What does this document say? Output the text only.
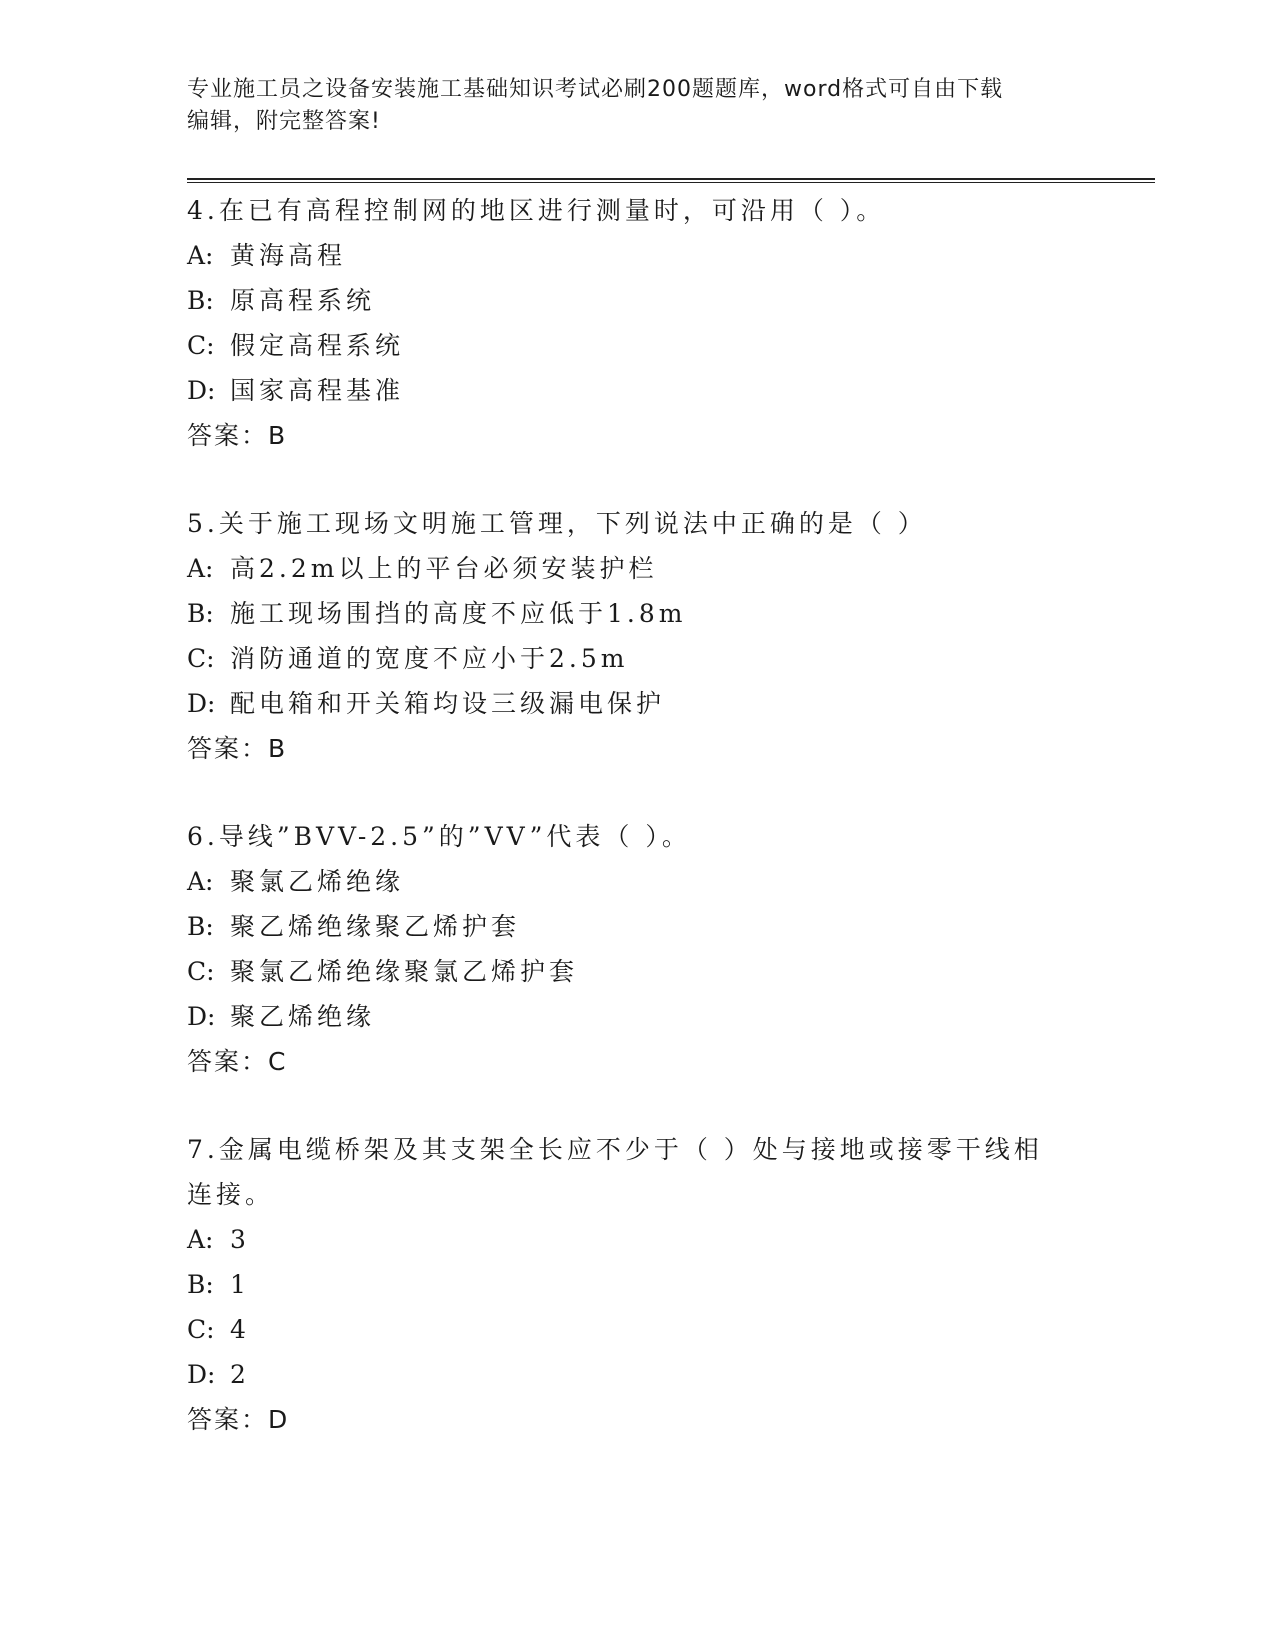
专业施工员之设备安装施工基础知识考试必刷200题题库，word格式可自由下载
编辑，附完整答案!
4.在已有高程控制网的地区进行测量时，可沿用（ ）。
A: 黄海高程
B: 原高程系统
C: 假定高程系统
D: 国家高程基准
答案：B
5.关于施工现场文明施工管理，下列说法中正确的是（ ）
A: 高2.2m以上的平台必须安装护栏
B: 施工现场围挡的高度不应低于1.8m
C: 消防通道的宽度不应小于2.5m
D: 配电箱和开关箱均设三级漏电保护
答案：B
6.导线”BVV-2.5”的”VV”代表（ ）。
A: 聚氯乙烯绝缘
B: 聚乙烯绝缘聚乙烯护套
C: 聚氯乙烯绝缘聚氯乙烯护套
D: 聚乙烯绝缘
答案：C
7.金属电缆桥架及其支架全长应不少于（ ）处与接地或接零干线相连接。
A: 3
B: 1
C: 4
D: 2
答案：D
